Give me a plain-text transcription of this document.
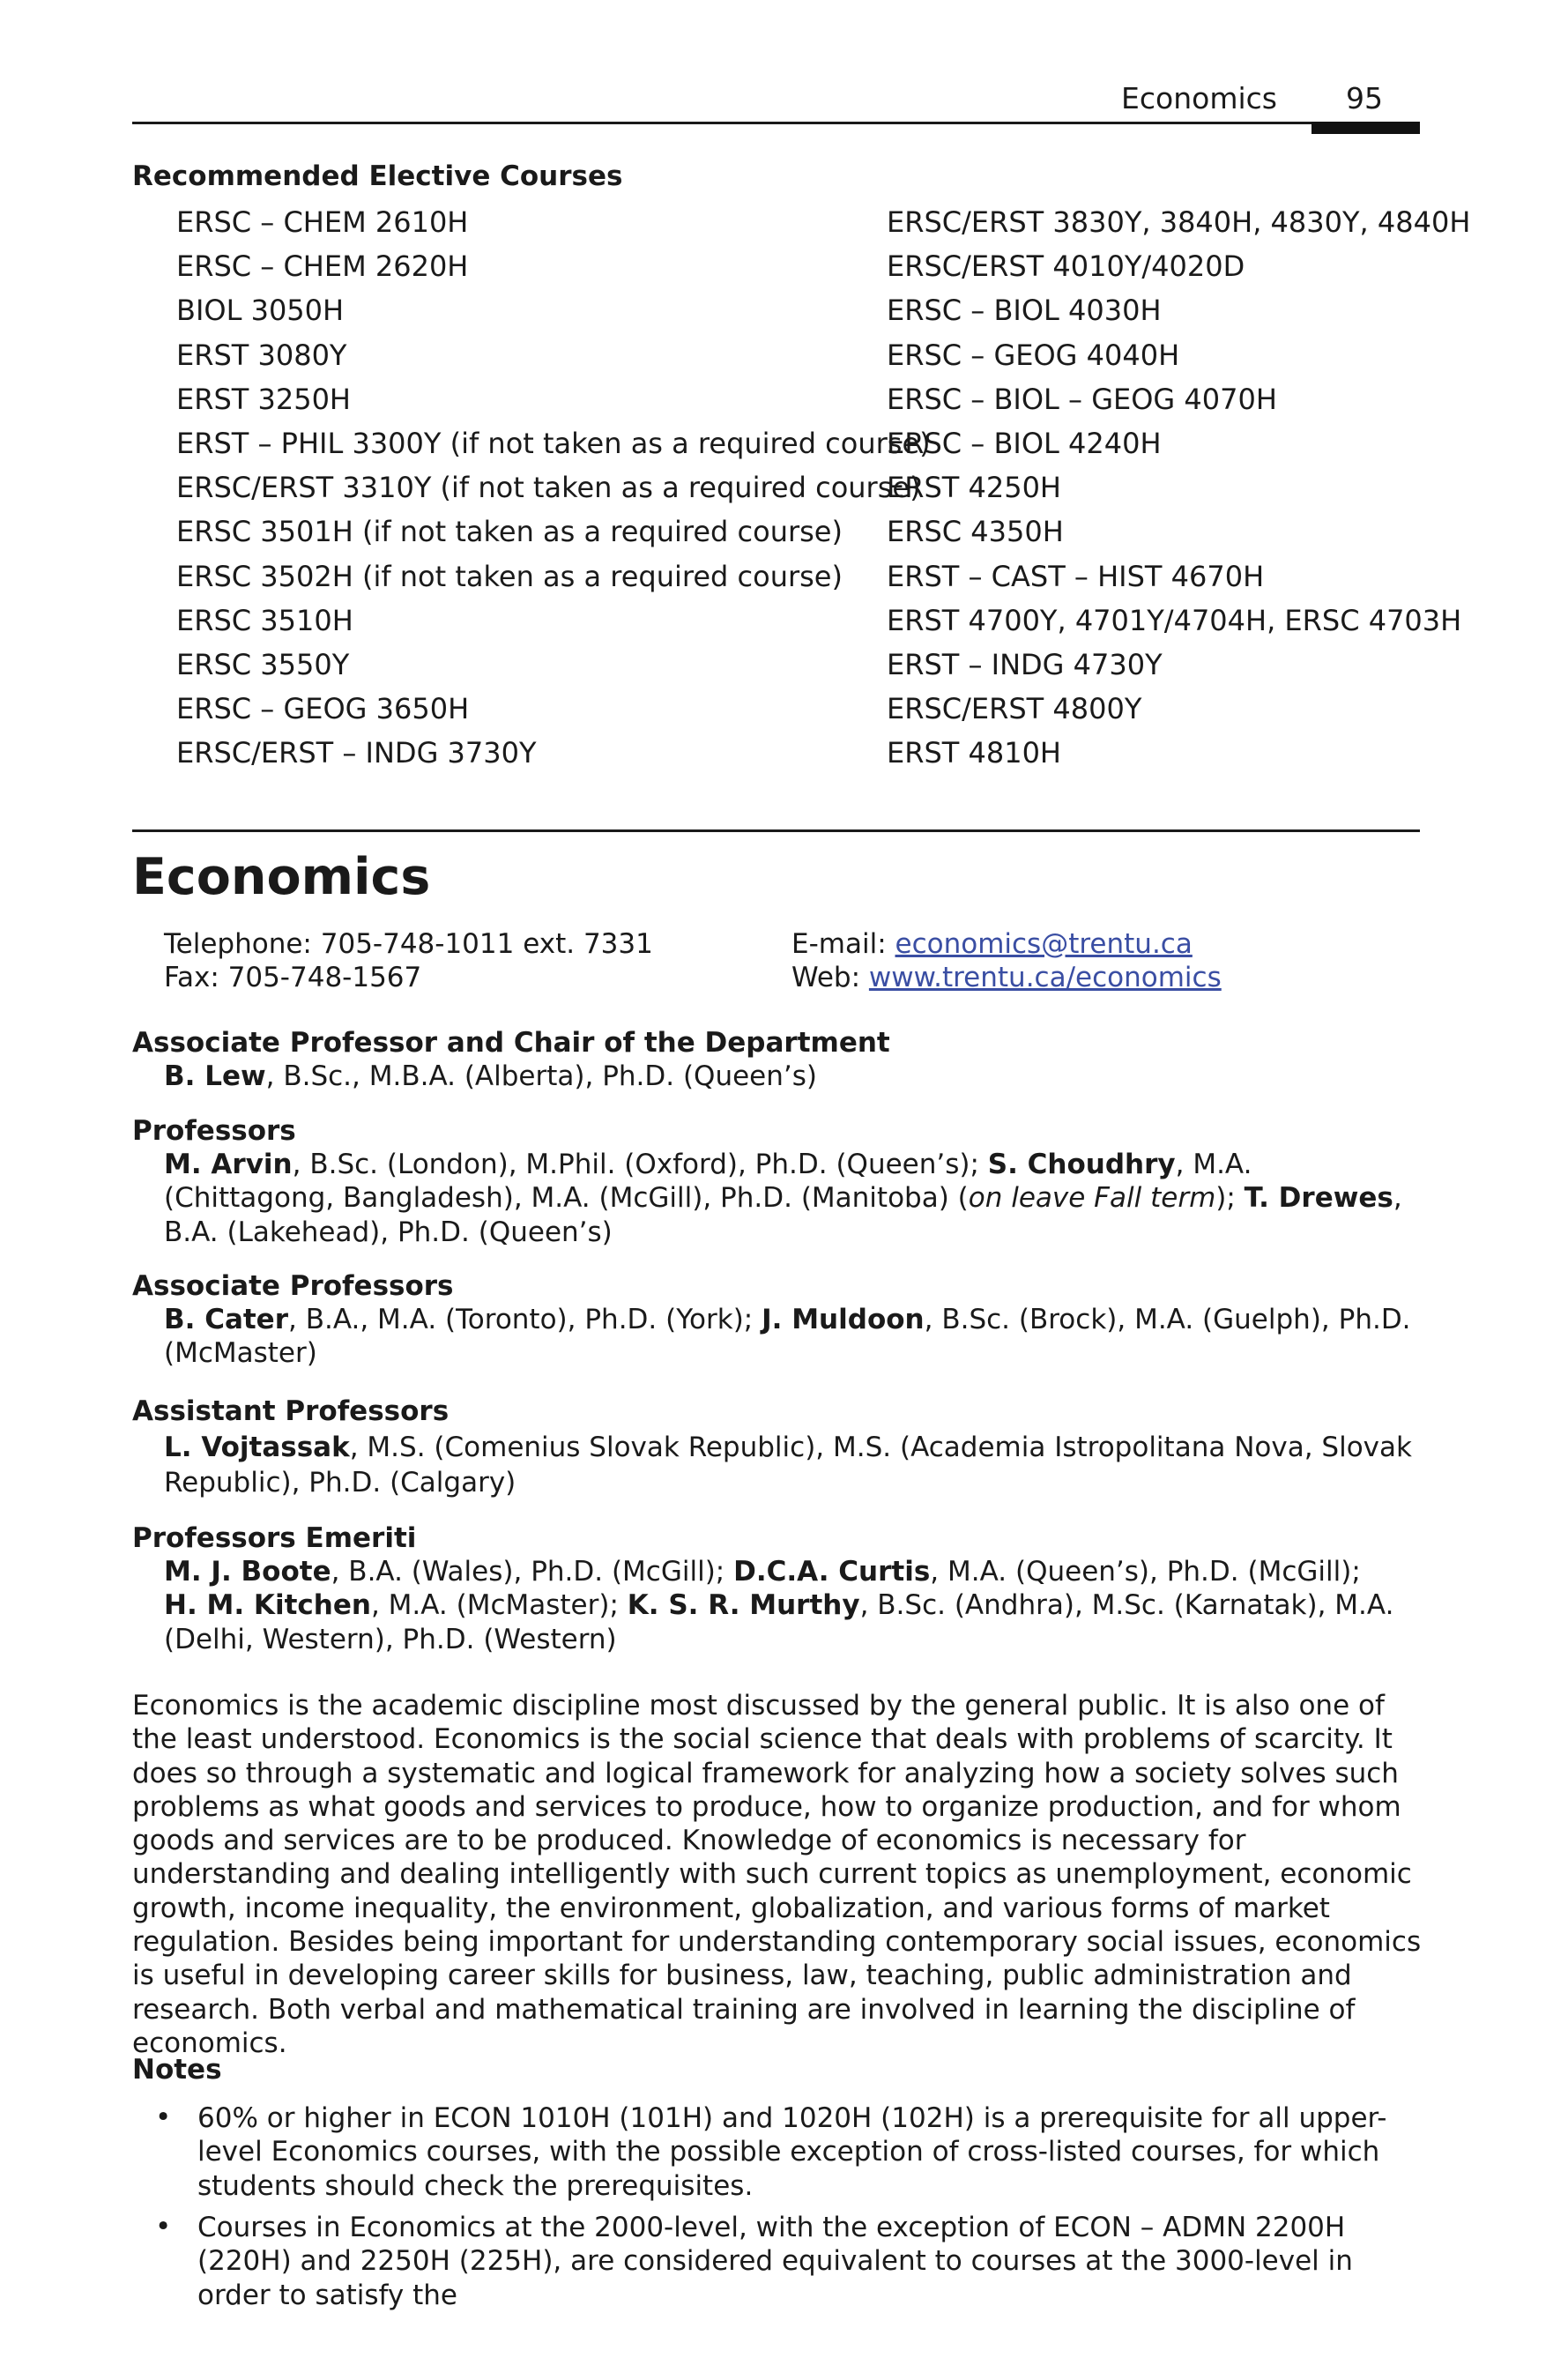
Economics 95
Recommended Elective Courses
ERSC – CHEM 2610H
ERSC – CHEM 2620H
BIOL 3050H
ERST 3080Y
ERST 3250H
ERST – PHIL 3300Y (if not taken as a required course)
ERSC/ERST 3310Y (if not taken as a required course)
ERSC 3501H (if not taken as a required course)
ERSC 3502H (if not taken as a required course)
ERSC 3510H
ERSC 3550Y
ERSC – GEOG 3650H
ERSC/ERST – INDG 3730Y
ERSC/ERST 3830Y, 3840H, 4830Y, 4840H
ERSC/ERST 4010Y/4020D
ERSC – BIOL 4030H
ERSC – GEOG 4040H
ERSC – BIOL – GEOG 4070H
ERSC – BIOL 4240H
ERST 4250H
ERSC 4350H
ERST – CAST – HIST 4670H
ERST 4700Y, 4701Y/4704H, ERSC 4703H
ERST – INDG 4730Y
ERSC/ERST 4800Y
ERST 4810H
Economics
Telephone: 705-748-1011 ext. 7331
Fax: 705-748-1567
E-mail: economics@trentu.ca
Web: www.trentu.ca/economics
Associate Professor and Chair of the Department
B. Lew, B.Sc., M.B.A. (Alberta), Ph.D. (Queen’s)
Professors
M. Arvin, B.Sc. (London), M.Phil. (Oxford), Ph.D. (Queen’s); S. Choudhry, M.A. (Chittagong, Bangladesh), M.A. (McGill), Ph.D. (Manitoba) (on leave Fall term); T. Drewes, B.A. (Lakehead), Ph.D. (Queen’s)
Associate Professors
B. Cater, B.A., M.A. (Toronto), Ph.D. (York); J. Muldoon, B.Sc. (Brock), M.A. (Guelph), Ph.D. (McMaster)
Assistant Professors
L. Vojtassak, M.S. (Comenius Slovak Republic), M.S. (Academia Istropolitana Nova, Slovak Republic), Ph.D. (Calgary)
Professors Emeriti
M. J. Boote, B.A. (Wales), Ph.D. (McGill); D.C.A. Curtis, M.A. (Queen’s), Ph.D. (McGill);
H. M. Kitchen, M.A. (McMaster); K. S. R. Murthy, B.Sc. (Andhra), M.Sc. (Karnatak), M.A. (Delhi, Western), Ph.D. (Western)

Economics is the academic discipline most discussed by the general public. It is also one of the least understood. Economics is the social science that deals with problems of scarcity. It does so through a systematic and logical framework for analyzing how a society solves such problems as what goods and services to produce, how to organize production, and for whom goods and services are to be produced. Knowledge of economics is necessary for understanding and dealing intelligently with such current topics as unemployment, economic growth, income inequality, the environment, globalization, and various forms of market regulation. Besides being important for understanding contemporary social issues, economics is useful in developing career skills for business, law, teaching, public administration and research. Both verbal and mathematical training are involved in learning the discipline of economics.

Notes
• 60% or higher in ECON 1010H (101H) and 1020H (102H) is a prerequisite for all upper-level Economics courses, with the possible exception of cross-listed courses, for which students should check the prerequisites.

• Courses in Economics at the 2000-level, with the exception of ECON – ADMN 2200H (220H) and 2250H (225H), are considered equivalent to courses at the 3000-level in order to satisfy the
